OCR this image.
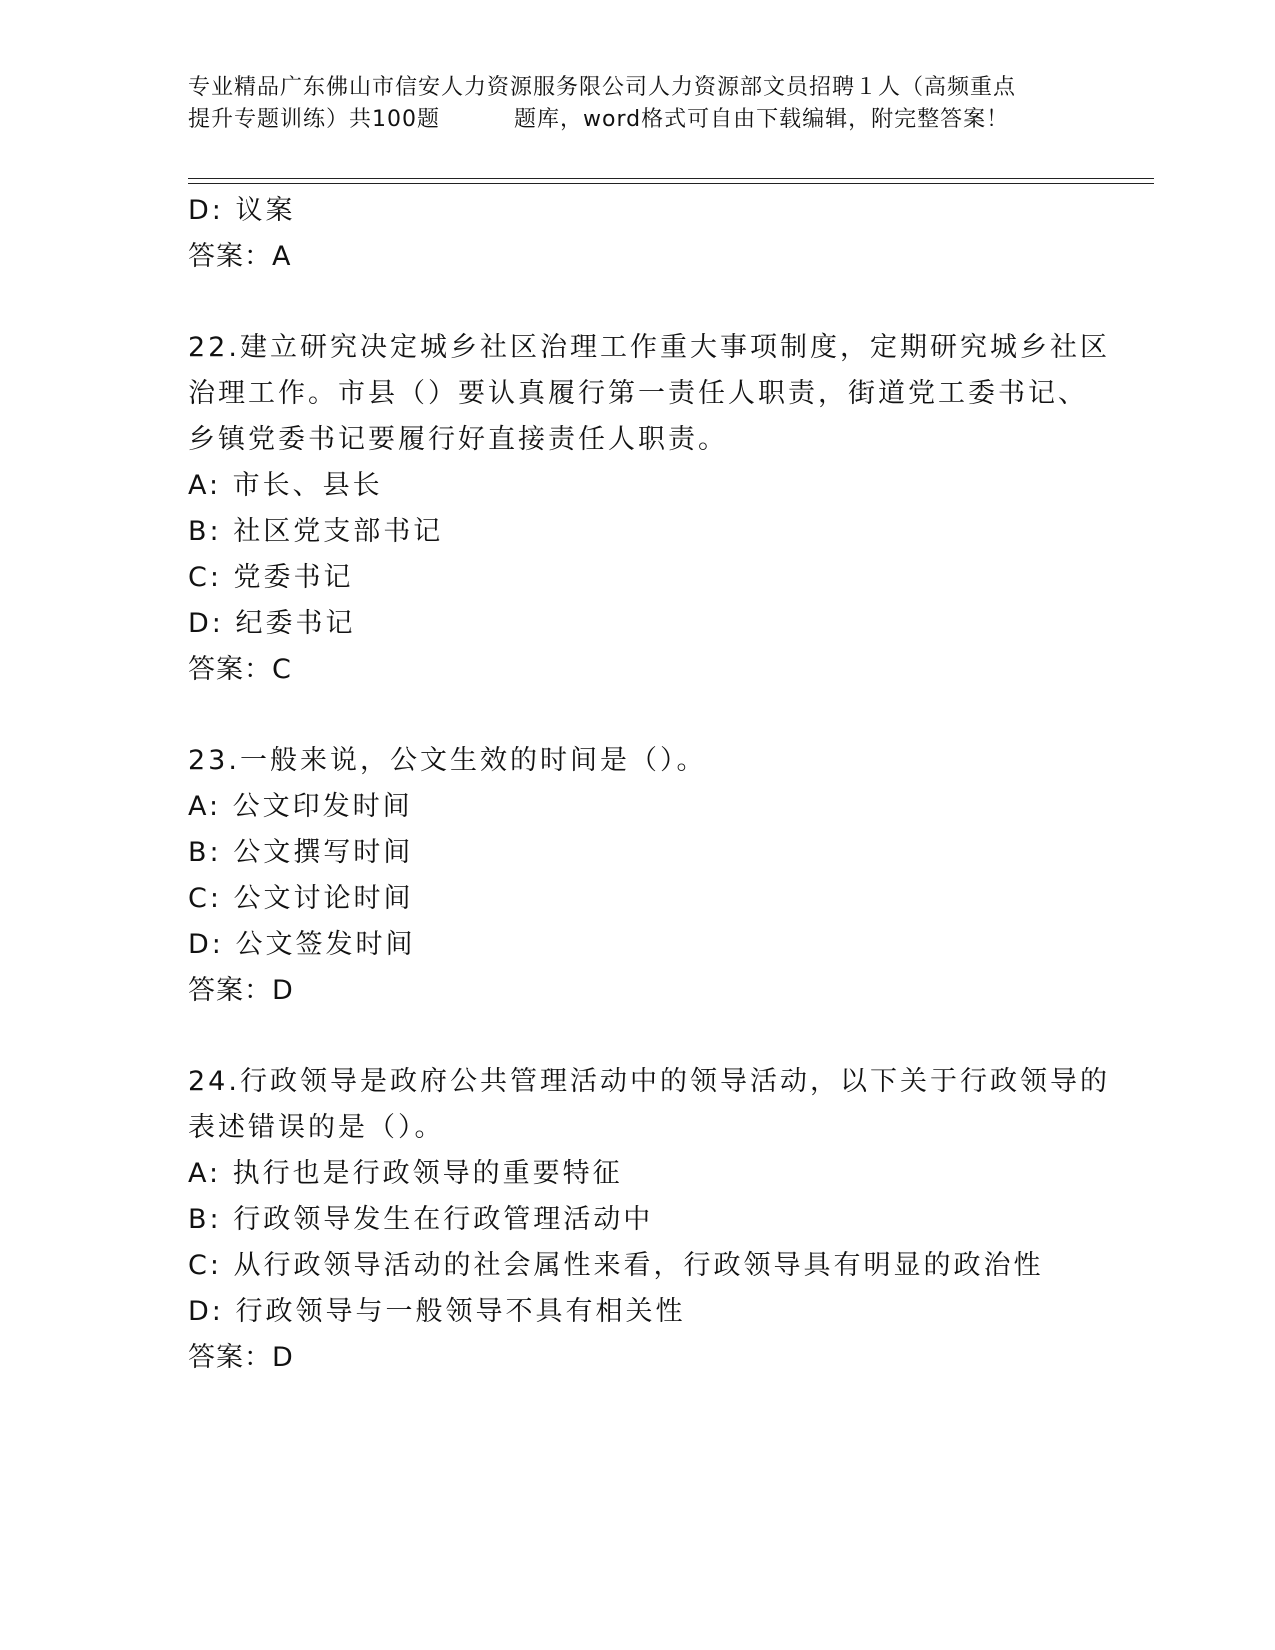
专业精品广东佛山市信安人力资源服务限公司人力资源部文员招聘１人（高频重点
提升专题训练）共100题	题库，word格式可自由下载编辑，附完整答案！
D: 议案
答案：A
22.建立研究决定城乡社区治理工作重大事项制度，定期研究城乡社区
治理工作。市县（）要认真履行第一责任人职责，街道党工委书记、
乡镇党委书记要履行好直接责任人职责。
A: 市长、县长
B: 社区党支部书记
C: 党委书记
D: 纪委书记
答案：C
23.一般来说，公文生效的时间是（）。
A: 公文印发时间
B: 公文撰写时间
C: 公文讨论时间
D: 公文签发时间
答案：D
24.行政领导是政府公共管理活动中的领导活动，以下关于行政领导的
表述错误的是（）。
A: 执行也是行政领导的重要特征
B: 行政领导发生在行政管理活动中
C: 从行政领导活动的社会属性来看，行政领导具有明显的政治性
D: 行政领导与一般领导不具有相关性
答案：D
